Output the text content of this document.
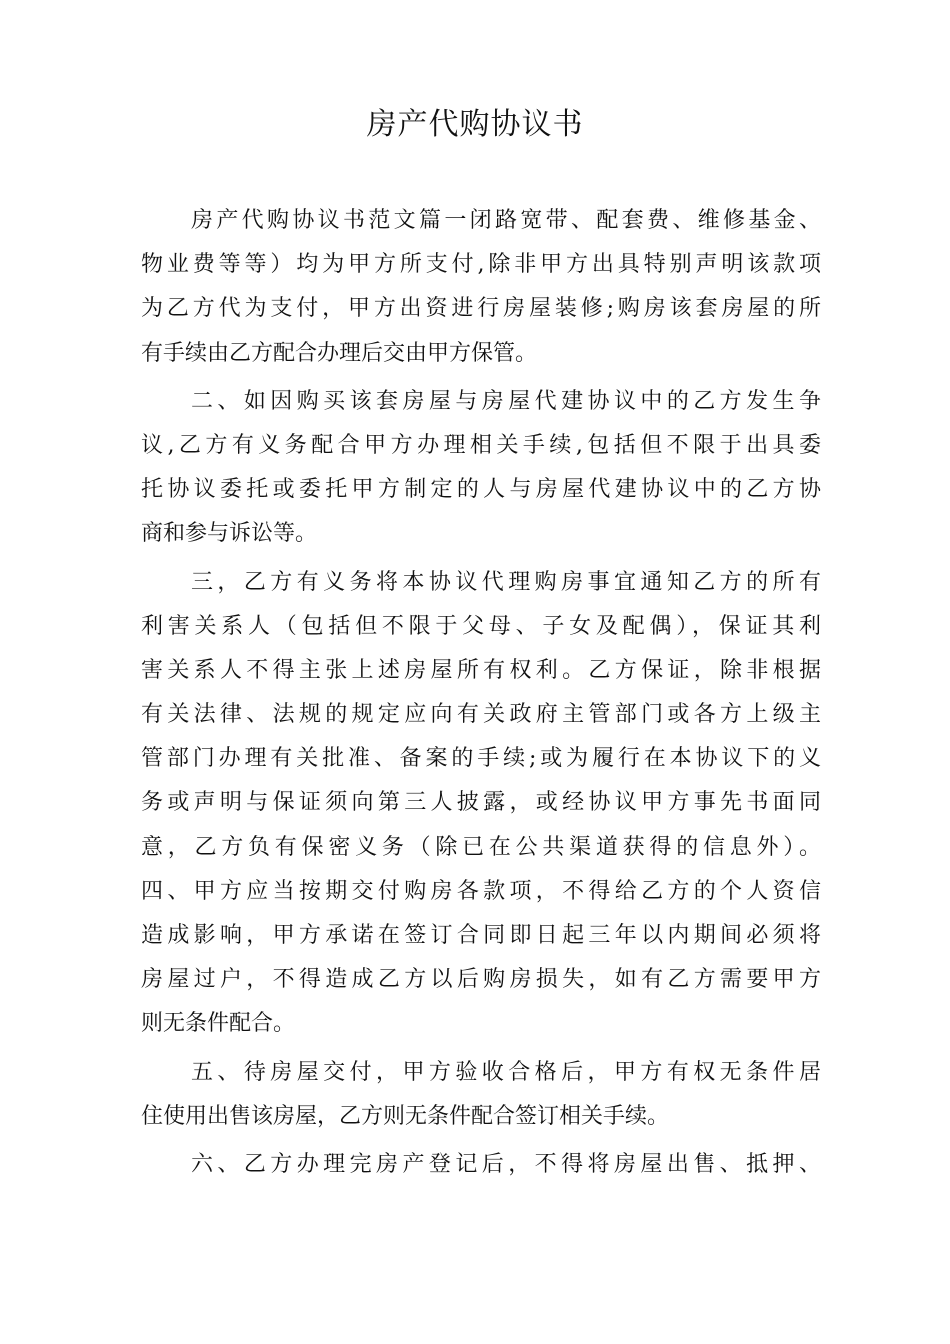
房产代购协议书
房产代购协议书范文篇一闭路宽带、配套费、维修基金、
物业费等等）均为甲方所支付,除非甲方出具特别声明该款项
为乙方代为支付，甲方出资进行房屋装修;购房该套房屋的所
有手续由乙方配合办理后交由甲方保管。
二、如因购买该套房屋与房屋代建协议中的乙方发生争
议,乙方有义务配合甲方办理相关手续,包括但不限于出具委
托协议委托或委托甲方制定的人与房屋代建协议中的乙方协
商和参与诉讼等。
三，乙方有义务将本协议代理购房事宜通知乙方的所有
利害关系人（包括但不限于父母、子女及配偶），保证其利
害关系人不得主张上述房屋所有权利。乙方保证，除非根据
有关法律、法规的规定应向有关政府主管部门或各方上级主
管部门办理有关批准、备案的手续;或为履行在本协议下的义
务或声明与保证须向第三人披露，或经协议甲方事先书面同
意，乙方负有保密义务（除已在公共渠道获得的信息外）。
四、甲方应当按期交付购房各款项，不得给乙方的个人资信
造成影响，甲方承诺在签订合同即日起三年以内期间必须将
房屋过户，不得造成乙方以后购房损失，如有乙方需要甲方
则无条件配合。
五、待房屋交付，甲方验收合格后，甲方有权无条件居
住使用出售该房屋，乙方则无条件配合签订相关手续。
六、乙方办理完房产登记后，不得将房屋出售、抵押、
